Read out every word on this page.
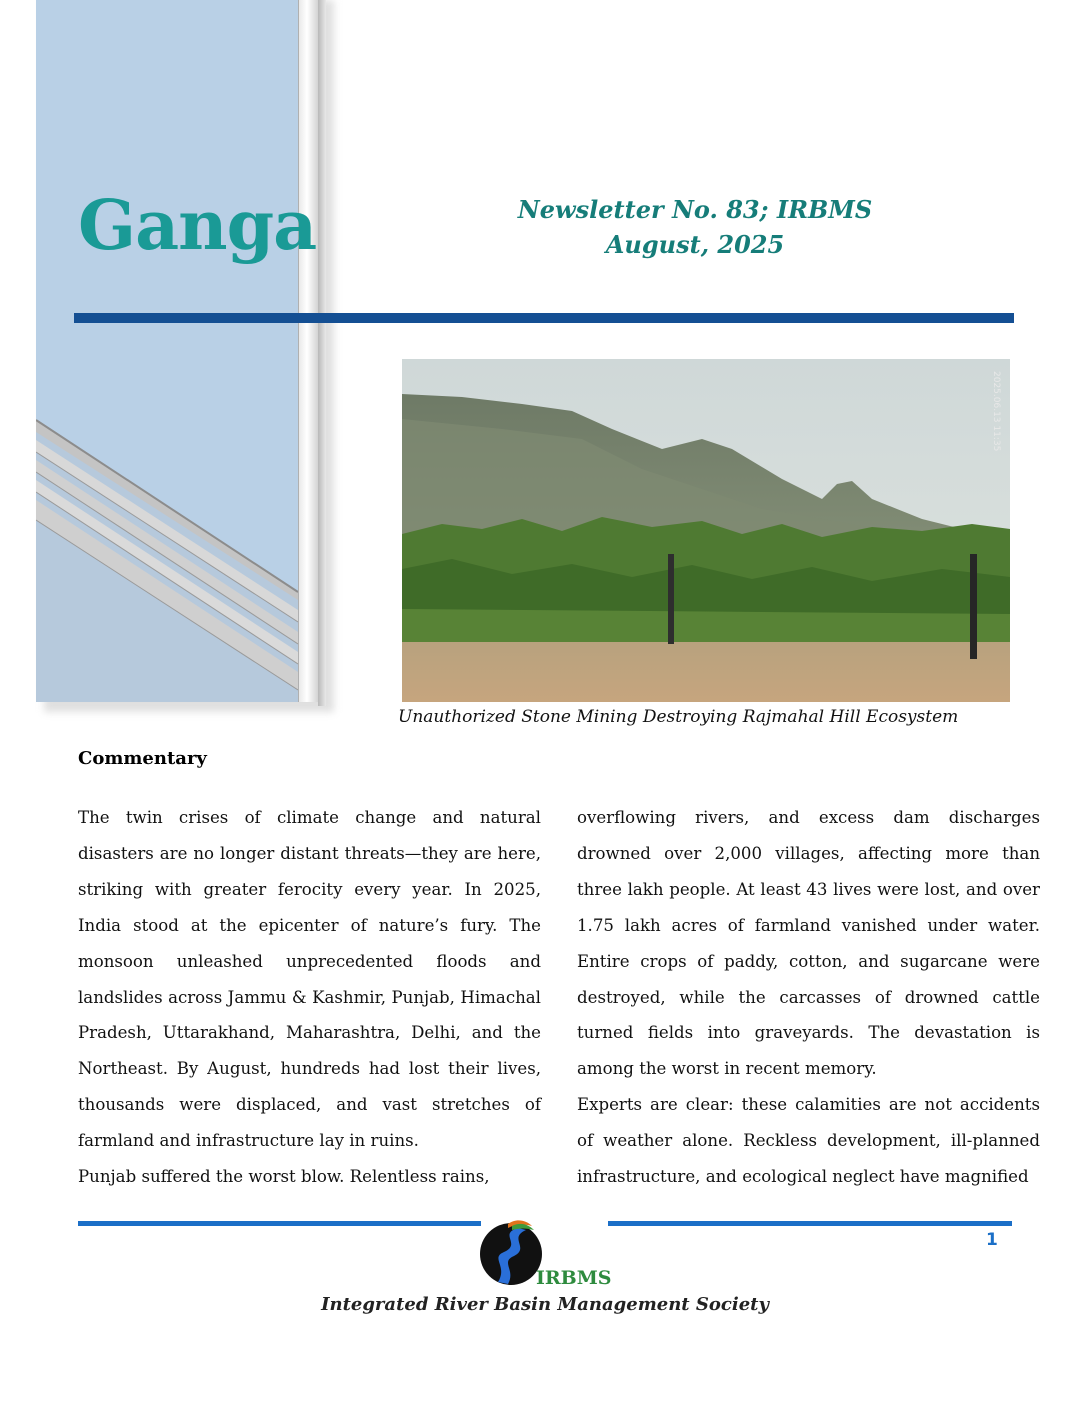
Ganga	Newsletter No. 83; IRBMS
August, 2025
2025.06.13 11:35
Unauthorized Stone Mining Destroying Rajmahal Hill Ecosystem
Commentary

The twin crises of climate change and natural disasters are no longer distant threats—they are here, striking with greater ferocity every year. In 2025, India stood at the epicenter of nature’s fury. The monsoon unleashed unprecedented floods and landslides across Jammu & Kashmir, Punjab, Himachal Pradesh, Uttarakhand, Maharashtra, Delhi, and the Northeast. By August, hundreds had lost their lives, thousands were displaced, and vast stretches of farmland and infrastructure lay in ruins.

Punjab suffered the worst blow. Relentless rains,

overflowing rivers, and excess dam discharges drowned over 2,000 villages, affecting more than three lakh people. At least 43 lives were lost, and over 1.75 lakh acres of farmland vanished under water. Entire crops of paddy, cotton, and sugarcane were destroyed, while the carcasses of drowned cattle turned fields into graveyards. The devastation is among the worst in recent memory.

Experts are clear: these calamities are not accidents of weather alone. Reckless development, ill-planned infrastructure, and ecological neglect have magnified

1
IRBMS
Integrated River Basin Management Society
